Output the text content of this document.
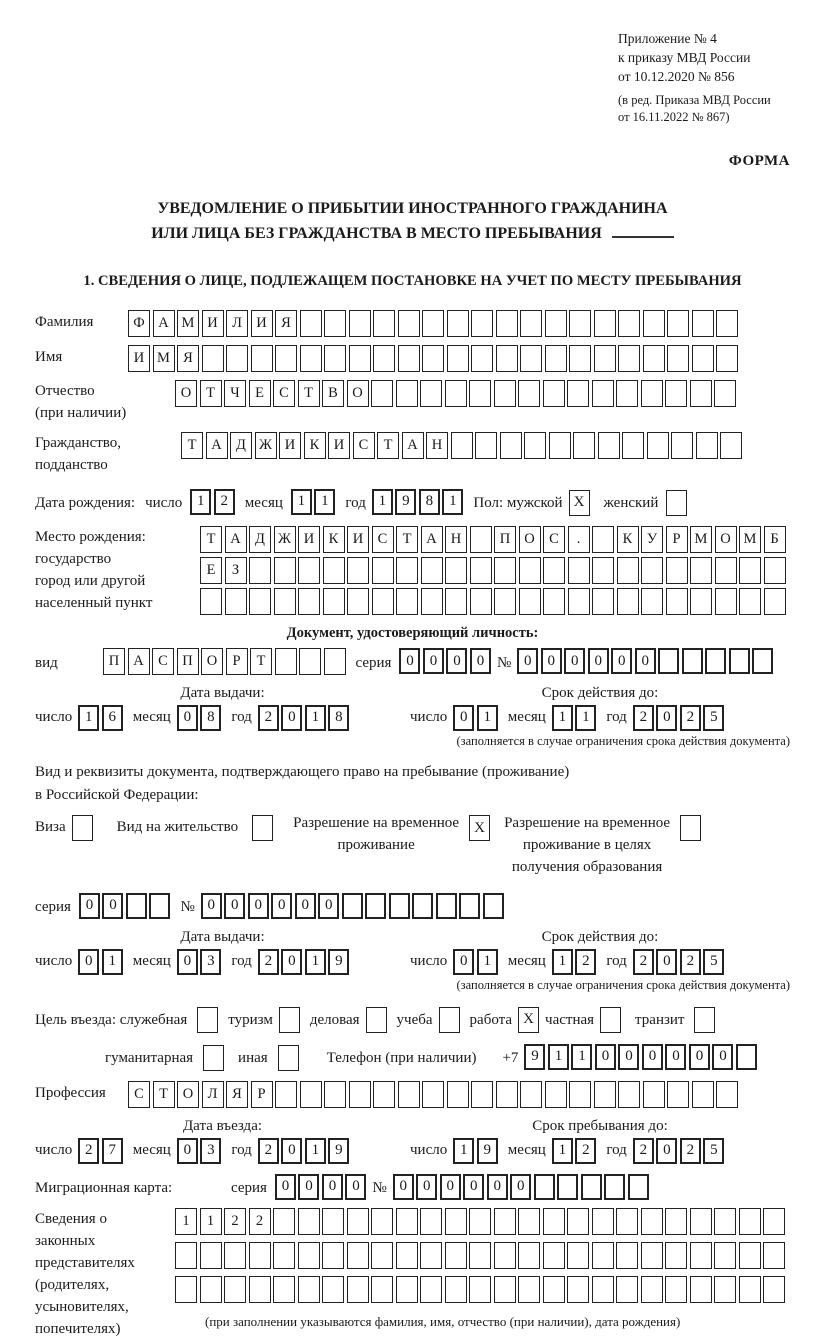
Приложение № 4
к приказу МВД России
от 10.12.2020 № 856
(в ред. Приказа МВД России
от 16.11.2022 № 867)
ФОРМА
УВЕДОМЛЕНИЕ О ПРИБЫТИИ ИНОСТРАННОГО ГРАЖДАНИНА
ИЛИ ЛИЦА БЕЗ ГРАЖДАНСТВА В МЕСТО ПРЕБЫВАНИЯ
1. СВЕДЕНИЯ О ЛИЦЕ, ПОДЛЕЖАЩЕМ ПОСТАНОВКЕ НА УЧЕТ ПО МЕСТУ ПРЕБЫВАНИЯ
Фамилия	Ф А М И Л И Я
Имя	И М Я
Отчество
(при наличии)
О	Т	Ч	Е	С	Т	В О
Гражданство,
подданство
Т	А Д Ж И К И С	Т	А Н
Дата рождения: число 1	2	месяц 1	1	год 1	9	8	1	Пол: мужской X	женский
Место рождения:
государство
город или другой
населенный пункт
Т	А Д Ж И К И С	Т	А Н	П О С	.	К	У	Р М О М Б
Е	З
Документ, удостоверяющий личность:
вид	П А С П О	Р	Т	серия 0	0	0	0 № 0	0	0	0	0	0
Дата выдачи:
число 1	6	месяц 0	8	год 2	0	1	8
Срок действия до:
число 0	1	месяц 1	1	год 2	0	2	5
(заполняется в случае ограничения срока действия документа)
Вид и реквизиты документа, подтверждающего право на пребывание (проживание)
в Российской Федерации:
Виза	Вид на жительство	Разрешение на временное
проживание
X	Разрешение на временное
проживание в целях
получения образования
серия 0	0	№ 0	0	0	0	0	0
Дата выдачи:
число 0	1	месяц 0	3	год 2	0	1	9
Срок действия до:
число 0	1	месяц 1	2	год 2	0	2	5
(заполняется в случае ограничения срока действия документа)
Цель въезда: служебная	туризм деловая учеба работа X частная	транзит
гуманитарная	иная	Телефон (при наличии) +7 9	1	1	0	0	0	0	0	0
Профессия	С	Т	О Л	Я	Р
Дата въезда:
число 2	7	месяц 0	3	год 2	0	1	9
Срок пребывания до:
число 1	9	месяц 1	2	год 2	0	2	5
Миграционная карта:	серия 0	0	0	0 № 0	0	0	0	0	0
Сведения о
законных
представителях
(родителях,
усыновителях,
попечителях)
1	1	2	2
(при заполнении указываются фамилия, имя, отчество (при наличии), дата рождения)
